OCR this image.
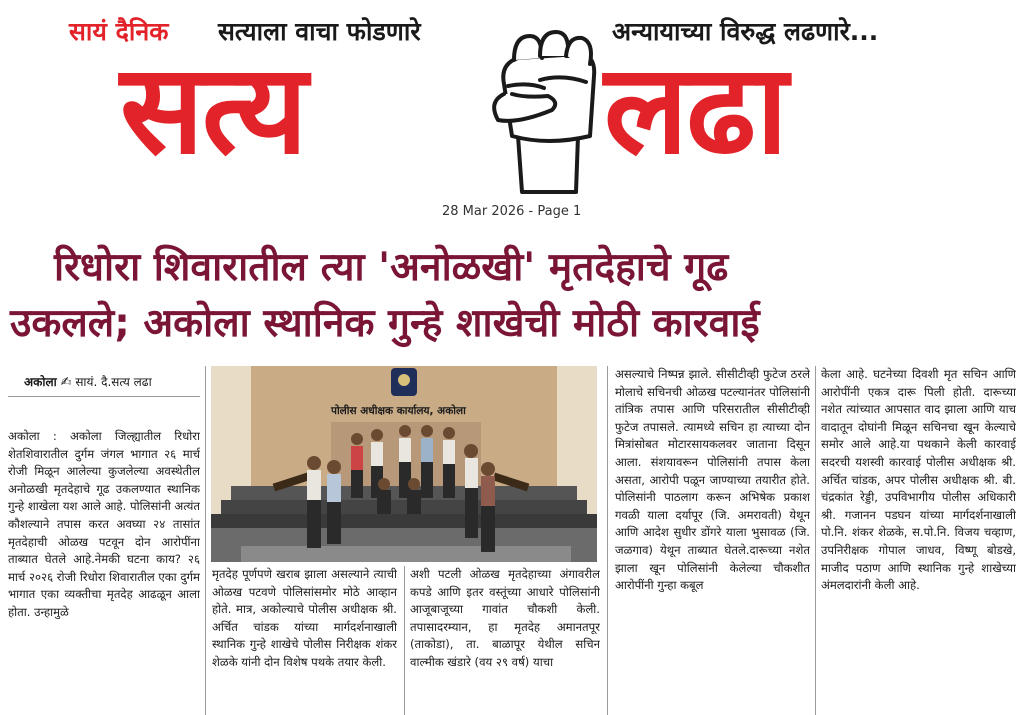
सायं दैनिक सत्याला वाचा फोडणारे	अन्यायाच्या विरुद्ध लढणारे...
सत्य लढा
28 Mar 2026 - Page 1
रिधोरा शिवारातील त्या 'अनोळखी' मृतदेहाचे गूढ
उकलले; अकोला स्थानिक गुन्हे शाखेची मोठी कारवाई
अकोला ✍ सायं. दै.सत्य लढा
पोलीस अधीक्षक कार्यालय, अकोला

अकोला : अकोला जिल्ह्यातील रिधोरा शेतशिवारातील दुर्गम जंगल भागात २६ मार्च रोजी मिळून आलेल्या कुजलेल्या अवस्थेतील अनोळखी मृतदेहाचे गूढ उकलण्यात स्थानिक गुन्हे शाखेला यश आले आहे. पोलिसांनी अत्यंत कौशल्याने तपास करत अवघ्या २४ तासांत मृतदेहाची ओळख पटवून दोन आरोपींना ताब्यात घेतले आहे.नेमकी घटना काय? २६ मार्च २०२६ रोजी रिधोरा शिवारातील एका दुर्गम भागात एका व्यक्तीचा मृतदेह आढळून आला होता. उन्हामुळे

मृतदेह पूर्णपणे खराब झाला असल्याने त्याची ओळख पटवणे पोलिसांसमोर मोठे आव्हान होते. मात्र, अकोल्याचे पोलीस अधीक्षक श्री. अर्चित चांडक यांच्या मार्गदर्शनाखाली स्थानिक गुन्हे शाखेचे पोलीस निरीक्षक शंकर शेळके यांनी दोन विशेष पथके तयार केली.

अशी पटली ओळख मृतदेहाच्या अंगावरील कपडे आणि इतर वस्तूंच्या आधारे पोलिसांनी आजूबाजूच्या गावांत चौकशी केली. तपासादरम्यान, हा मृतदेह अमानतपूर (ताकोडा), ता. बाळापूर येथील सचिन वाल्मीक खंडारे (वय २९ वर्ष) याचा

असल्याचे निष्पन्न झाले. सीसीटीव्ही फुटेज ठरले मोलाचे सचिनची ओळख पटल्यानंतर पोलिसांनी तांत्रिक तपास आणि परिसरातील सीसीटीव्ही फुटेज तपासले. त्यामध्ये सचिन हा त्याच्या दोन मित्रांसोबत मोटारसायकलवर जाताना दिसून आला. संशयावरून पोलिसांनी तपास केला असता, आरोपी पळून जाण्याच्या तयारीत होते. पोलिसांनी पाठलाग करून अभिषेक प्रकाश गवळी याला दर्यापूर (जि. अमरावती) येथून आणि आदेश सुधीर डोंगरे याला भुसावळ (जि. जळगाव) येथून ताब्यात घेतले.दारूच्या नशेत झाला खून पोलिसांनी केलेल्या चौकशीत आरोपींनी गुन्हा कबूल

केला आहे. घटनेच्या दिवशी मृत सचिन आणि आरोपींनी एकत्र दारू पिली होती. दारूच्या नशेत त्यांच्यात आपसात वाद झाला आणि याच वादातून दोघांनी मिळून सचिनचा खून केल्याचे समोर आले आहे.या पथकाने केली कारवाई सदरची यशस्वी कारवाई पोलीस अधीक्षक श्री. अर्चित चांडक, अपर पोलीस अधीक्षक श्री. बी. चंद्रकांत रेड्डी, उपविभागीय पोलीस अधिकारी श्री. गजानन पडघन यांच्या मार्गदर्शनाखाली पो.नि. शंकर शेळके, स.पो.नि. विजय चव्हाण, उपनिरीक्षक गोपाल जाधव, विष्णू बोडखे, माजीद पठाण आणि स्थानिक गुन्हे शाखेच्या अंमलदारांनी केली आहे.
